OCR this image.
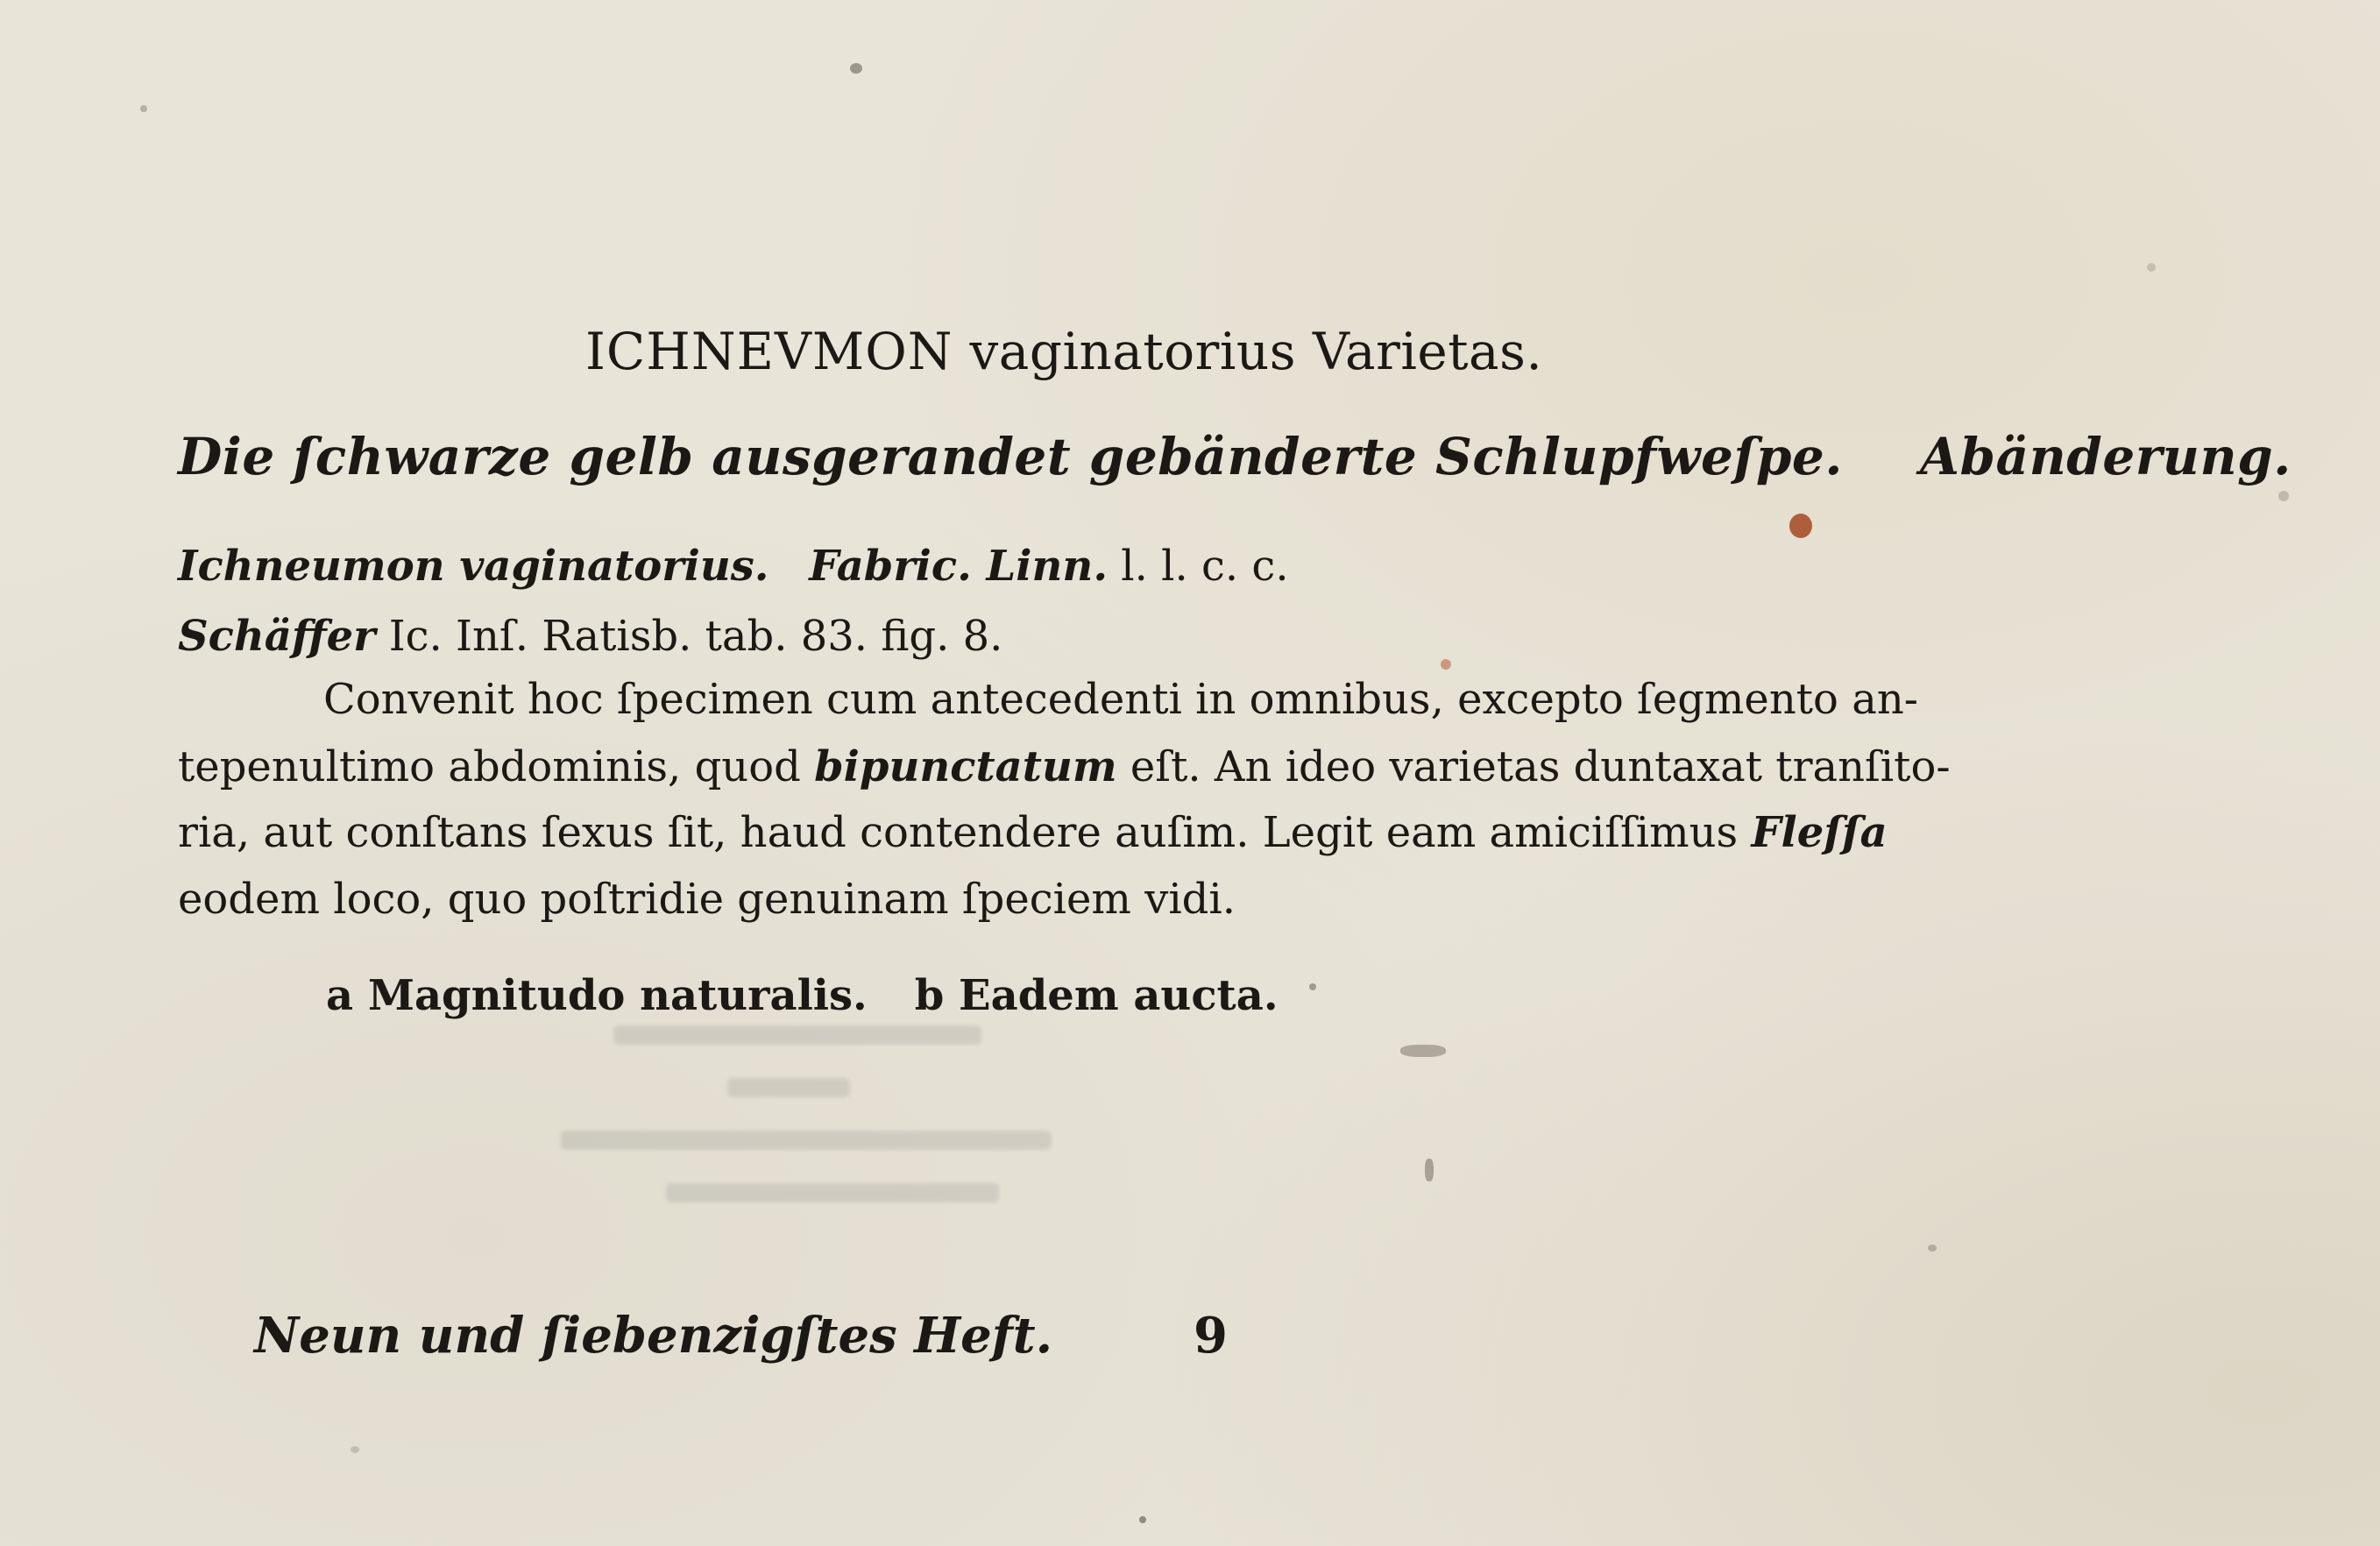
ICHNEVMON vaginatorius Varietas.
Die ſchwarze gelb ausgerandet gebänderte Schlupfweſpe. Abänderung.
Ichneumon vaginatorius. Fabric. Linn. l. l. c. c.
Schäffer Ic. Inſ. Ratisb. tab. 83. fig. 8.
Convenit hoc ſpecimen cum antecedenti in omnibus, excepto ſegmento an-
tepenultimo abdominis, quod bipunctatum eſt. An ideo varietas duntaxat tranſito-
ria, aut conſtans ſexus ſit, haud contendere auſim. Legit eam amiciſſimus Fleſſa
eodem loco, quo poſtridie genuinam ſpeciem vidi.
a Magnitudo naturalis. b Eadem aucta.
Neun und ſiebenzigſtes Heft.	9
